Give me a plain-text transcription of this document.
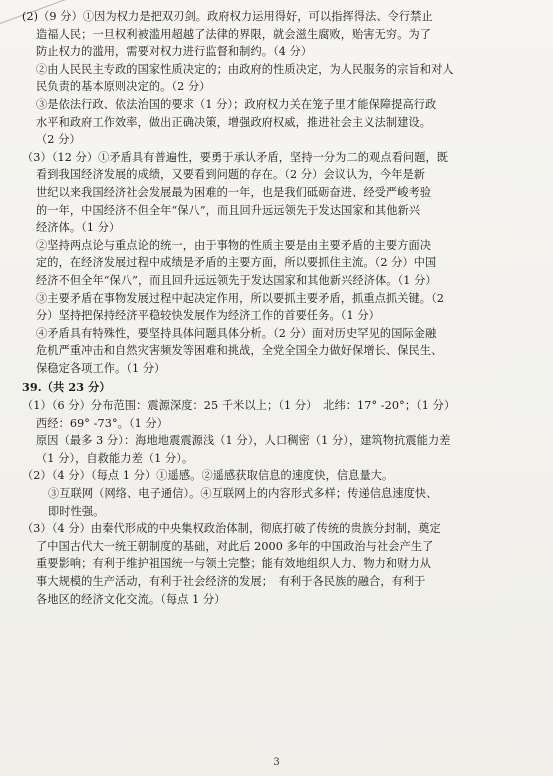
(2)（9 分）①因为权力是把双刃剑。政府权力运用得好，可以指挥得法、令行禁止

造福人民；一旦权利被滥用超越了法律的界限，就会滋生腐败，贻害无穷。为了

防止权力的滥用，需要对权力进行监督和制约。（4 分）

②由人民民主专政的国家性质决定的；由政府的性质决定，为人民服务的宗旨和对人

民负责的基本原则决定的。（2 分）

③是依法行政、依法治国的要求（1 分）；政府权力关在笼子里才能保障提高行政

水平和政府工作效率，做出正确决策，增强政府权威，推进社会主义法制建设。

（2 分）

（3）（12 分）①矛盾具有普遍性，要勇于承认矛盾，坚持一分为二的观点看问题，既

看到我国经济发展的成绩，又要看到问题的存在。（2 分）会议认为，今年是新

世纪以来我国经济社会发展最为困难的一年，也是我们砥砺奋进、经受严峻考验

的一年，中国经济不但全年“保八”，而且回升远远领先于发达国家和其他新兴

经济体。（1 分）

②坚持两点论与重点论的统一，由于事物的性质主要是由主要矛盾的主要方面决

定的，在经济发展过程中成绩是矛盾的主要方面，所以要抓住主流。（2 分）中国

经济不但全年“保八”，而且回升远远领先于发达国家和其他新兴经济体。（1 分）

③主要矛盾在事物发展过程中起决定作用，所以要抓主要矛盾，抓重点抓关键。（2

分）坚持把保持经济平稳较快发展作为经济工作的首要任务。（1 分）

④矛盾具有特殊性，要坚持具体问题具体分析。（2 分）面对历史罕见的国际金融

危机严重冲击和自然灾害频发等困难和挑战，全党全国全力做好保增长、保民生、

保稳定各项工作。（1 分）

39.（共 23 分）

（1）（6 分）分布范围：震源深度：25 千米以上；（1 分）　北纬：17° -20°；（1 分）

西经：69° -73°。（1 分）

原因（最多 3 分）：海地地震震源浅（1 分），人口稠密（1 分），建筑物抗震能力差

（1 分），自救能力差（1 分）。

（2）（4 分）（每点 1 分）①遥感。②遥感获取信息的速度快，信息量大。

③互联网（网络、电子通信）。④互联网上的内容形式多样；传递信息速度快、

即时性强。

（3）（4 分）由秦代形成的中央集权政治体制，彻底打破了传统的贵族分封制，奠定

了中国古代大一统王朝制度的基础，对此后 2000 多年的中国政治与社会产生了

重要影响；有利于维护祖国统一与领土完整；能有效地组织人力、物力和财力从

事大规模的生产活动，有利于社会经济的发展；　有利于各民族的融合，有利于

各地区的经济文化交流。（每点 1 分）

3
